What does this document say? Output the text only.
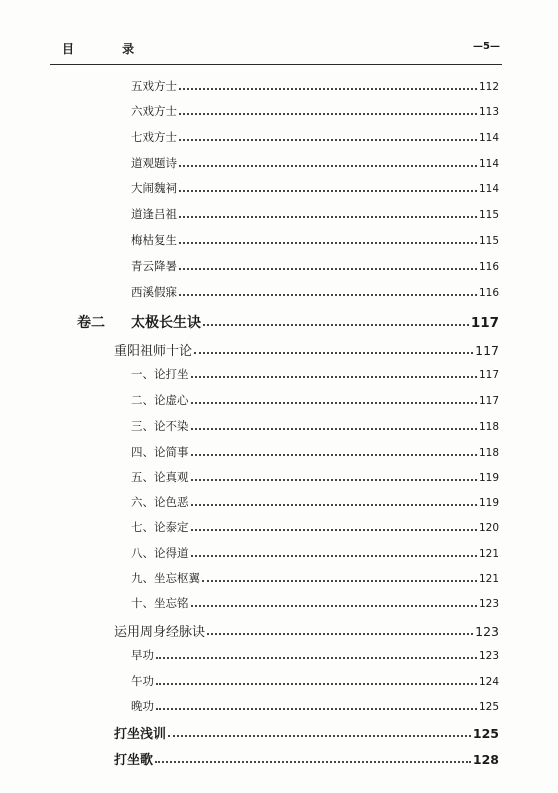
目 录	—5—
五戏方士	112
六戏方士	113
七戏方士	114
道观题诗	114
大闹魏祠	114
道逢吕祖	115
梅枯复生	115
青云降暑	116
西溪假寐	116
卷二 太极长生诀	117
重阳祖师十论	117
一、论打坐	117
二、论虚心	117
三、论不染	118
四、论简事	118
五、论真观	119
六、论色恶	119
七、论泰定	120
八、论得道	121
九、坐忘枢翼	121
十、坐忘铭	123
运用周身经脉诀	123
早功	123
午功	124
晚功	125
打坐浅训	125
打坐歌	128
